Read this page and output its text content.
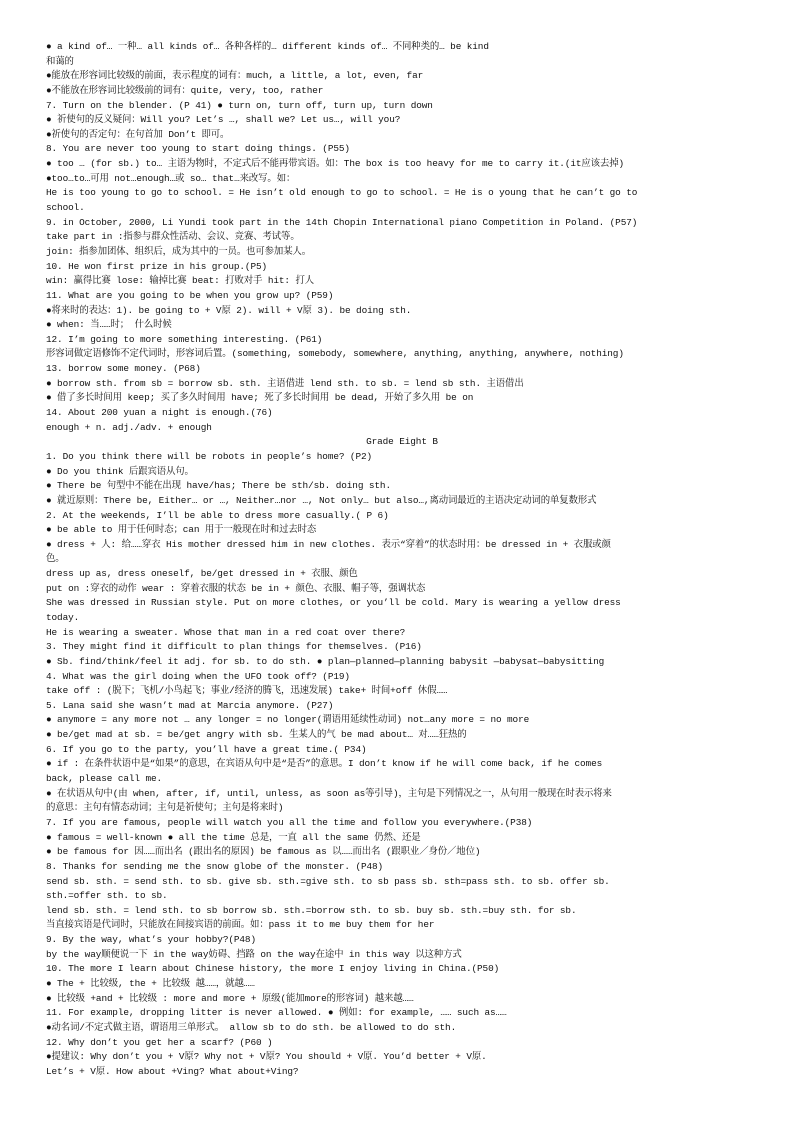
● a kind of… 一种… all kinds of… 各种各样的… different kinds of… 不同种类的… be kind
和蔼的
●能放在形容词比较级的前面，表示程度的词有：much, a little, a lot, even, far
●不能放在形容词比较级前的词有：quite, very, too, rather
7. Turn on the blender. (P 41) ● turn on, turn off, turn up, turn down
● 祈使句的反义疑问：Will you? Let’s …, shall we? Let us…, will you?
●祈使句的否定句：在句首加 Don’t 即可。
8. You are never too young to start doing things. (P55)
● too … (for sb.) to… 主语为物时，不定式后不能再带宾语。如：The box is too heavy for me to carry it.(it应该去掉)
●too…to…可用 not…enough…或 so… that…来改写。如：
He is too young to go to school. = He isn’t old enough to go to school. = He is o young that he can’t go to
school.
9. in October, 2000, Li Yundi took part in the 14th Chopin International piano Competition in Poland. (P57)
take part in :指参与群众性活动、会议、竞赛、考试等。
join: 指参加团体、组织后，成为其中的一员。也可参加某人。
10. He won first prize in his group.(P5)
win: 赢得比赛 lose: 输掉比赛 beat: 打败对手 hit: 打人
11. What are you going to be when you grow up? (P59)
●将来时的表达：1). be going to + V原 2). will + V原 3). be doing sth.
● when: 当……时； 什么时候
12. I’m going to more something interesting. (P61)
形容词做定语修饰不定代词时，形容词后置。(something, somebody, somewhere, anything, anything, anywhere, nothing)
13. borrow some money. (P68)
● borrow sth. from sb = borrow sb. sth. 主语借进 lend sth. to sb. = lend sb sth. 主语借出
● 借了多长时间用 keep; 买了多久时间用 have; 死了多长时间用 be dead, 开始了多久用 be on
14. About 200 yuan a night is enough.(76)
enough + n. adj./adv. + enough
Grade Eight B
1. Do you think there will be robots in people’s home? (P2)
● Do you think 后跟宾语从句。
● There be 句型中不能在出现 have/has; There be sth/sb. doing sth.
● 就近原则：There be, Either… or …, Neither…nor …, Not only… but also…,离动词最近的主语决定动词的单复数形式
2. At the weekends, I’ll be able to dress more casually.( P 6)
● be able to 用于任何时态；can 用于一般现在时和过去时态
● dress + 人: 给……穿衣 His mother dressed him in new clothes. 表示“穿着”的状态时用：be dressed in + 衣服或颜
色。
dress up as, dress oneself, be/get dressed in + 衣服、颜色
put on :穿衣的动作 wear : 穿着衣服的状态 be in + 颜色、衣服、帽子等，强调状态
She was dressed in Russian style. Put on more clothes, or you’ll be cold. Mary is wearing a yellow dress
today.
He is wearing a sweater. Whose that man in a red coat over there?
3. They might find it difficult to plan things for themselves. (P16)
● Sb. find/think/feel it adj. for sb. to do sth. ● plan—planned—planning babysit —babysat—babysitting
4. What was the girl doing when the UFO took off? (P19)
take off : (脱下；飞机/小鸟起飞；事业/经济的腾飞，迅速发展) take+ 时间+off 休假……
5. Lana said she wasn’t mad at Marcia anymore. (P27)
● anymore = any more not … any longer = no longer(谓语用延续性动词) not…any more = no more
● be/get mad at sb. = be/get angry with sb. 生某人的气 be mad about… 对……狂热的
6. If you go to the party, you’ll have a great time.( P34)
● if : 在条件状语中是“如果”的意思，在宾语从句中是“是否”的意思。I don’t know if he will come back, if he comes
back, please call me.
● 在状语从句中(由 when, after, if, until, unless, as soon as等引导)，主句是下列情况之一，从句用一般现在时表示将来
的意思：主句有情态动词；主句是祈使句；主句是将来时)
7. If you are famous, people will watch you all the time and follow you everywhere.(P38)
● famous = well-known ● all the time 总是，一直 all the same 仍然、还是
● be famous for 因……而出名 (跟出名的原因) be famous as 以……而出名 (跟职业／身份／地位)
8. Thanks for sending me the snow globe of the monster. (P48)
send sb. sth. = send sth. to sb. give sb. sth.=give sth. to sb pass sb. sth=pass sth. to sb. offer sb.
sth.=offer sth. to sb.
lend sb. sth. = lend sth. to sb borrow sb. sth.=borrow sth. to sb. buy sb. sth.=buy sth. for sb.
当直接宾语是代词时，只能放在间接宾语的前面。如：pass it to me buy them for her
9. By the way, what’s your hobby?(P48)
by the way顺便说一下 in the way妨碍、挡路 on the way在途中 in this way 以这种方式
10. The more I learn about Chinese history, the more I enjoy living in China.(P50)
● The + 比较级, the + 比较级 越……，就越……
● 比较级 +and + 比较级 : more and more + 原级(能加more的形容词) 越来越……
11. For example, dropping litter is never allowed. ● 例如: for example, …… such as……
●动名词/不定式做主语，谓语用三单形式。 allow sb to do sth. be allowed to do sth.
12. Why don’t you get her a scarf? (P60 )
●提建议: Why don’t you + V原? Why not + V原? You should + V原. You’d better + V原.
Let’s + V原. How about +Ving? What about+Ving?
